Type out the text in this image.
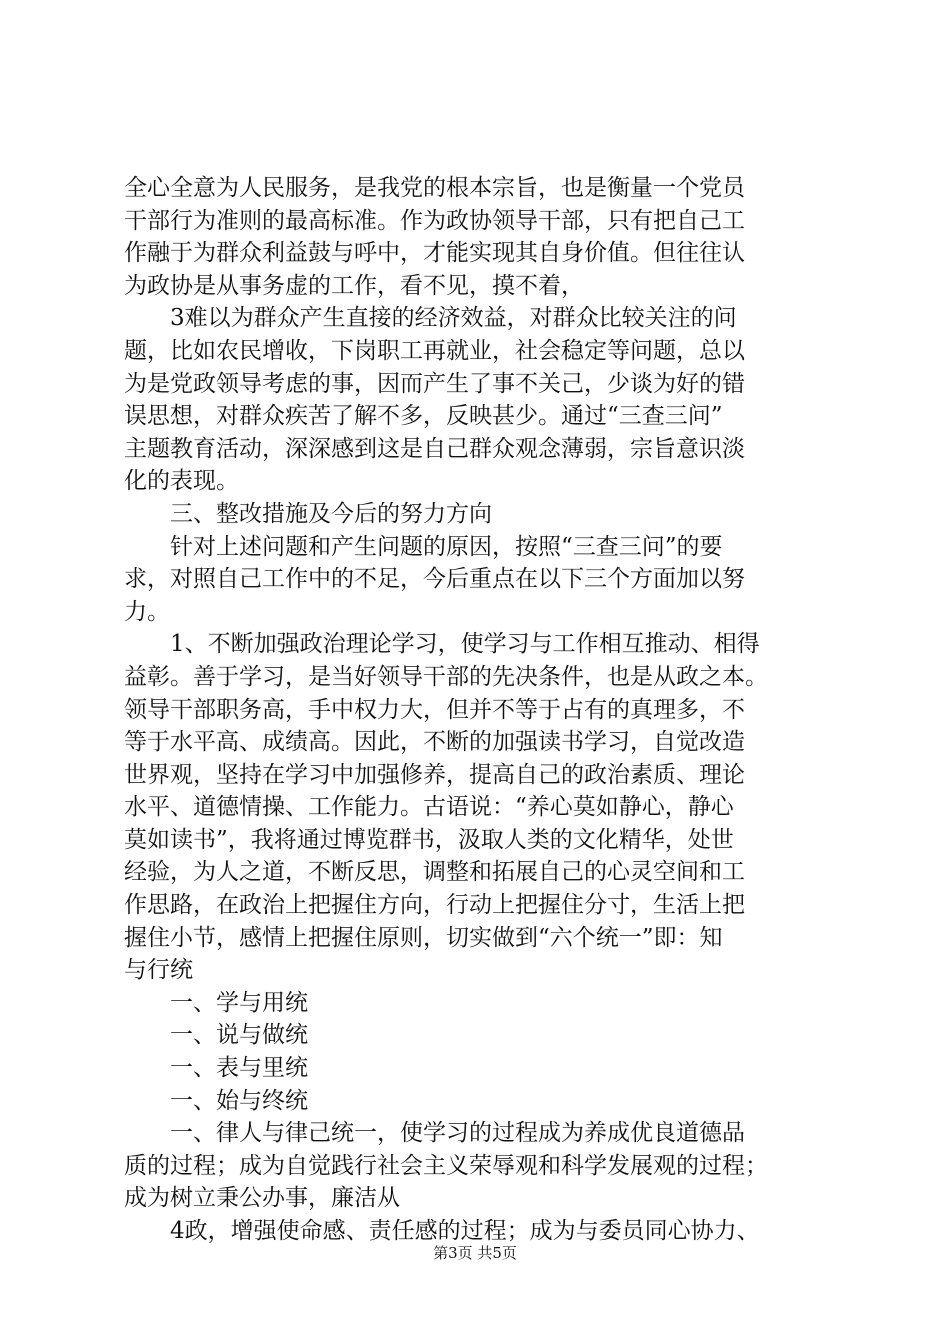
全心全意为人民服务，是我党的根本宗旨，也是衡量一个党员
干部行为准则的最高标准。作为政协领导干部，只有把自己工
作融于为群众利益鼓与呼中，才能实现其自身价值。但往往认
为政协是从事务虚的工作，看不见，摸不着，
　　3难以为群众产生直接的经济效益，对群众比较关注的问
题，比如农民增收，下岗职工再就业，社会稳定等问题，总以
为是党政领导考虑的事，因而产生了事不关己，少谈为好的错
误思想，对群众疾苦了解不多，反映甚少。通过“三查三问”
主题教育活动，深深感到这是自己群众观念薄弱，宗旨意识淡
化的表现。
　　三、整改措施及今后的努力方向
　　针对上述问题和产生问题的原因，按照“三查三问”的要
求，对照自己工作中的不足，今后重点在以下三个方面加以努
力。
　　1、不断加强政治理论学习，使学习与工作相互推动、相得
益彰。善于学习，是当好领导干部的先决条件，也是从政之本。
领导干部职务高，手中权力大，但并不等于占有的真理多，不
等于水平高、成绩高。因此，不断的加强读书学习，自觉改造
世界观，坚持在学习中加强修养，提高自己的政治素质、理论
水平、道德情操、工作能力。古语说：“养心莫如静心，静心
莫如读书”，我将通过博览群书，汲取人类的文化精华，处世
经验，为人之道，不断反思，调整和拓展自己的心灵空间和工
作思路，在政治上把握住方向，行动上把握住分寸，生活上把
握住小节，感情上把握住原则，切实做到“六个统一”即：知
与行统
　　一、学与用统
　　一、说与做统
　　一、表与里统
　　一、始与终统
　　一、律人与律己统一，使学习的过程成为养成优良道德品
质的过程；成为自觉践行社会主义荣辱观和科学发展观的过程；
成为树立秉公办事，廉洁从
　　4政，增强使命感、责任感的过程；成为与委员同心协力、
第3页 共5页
